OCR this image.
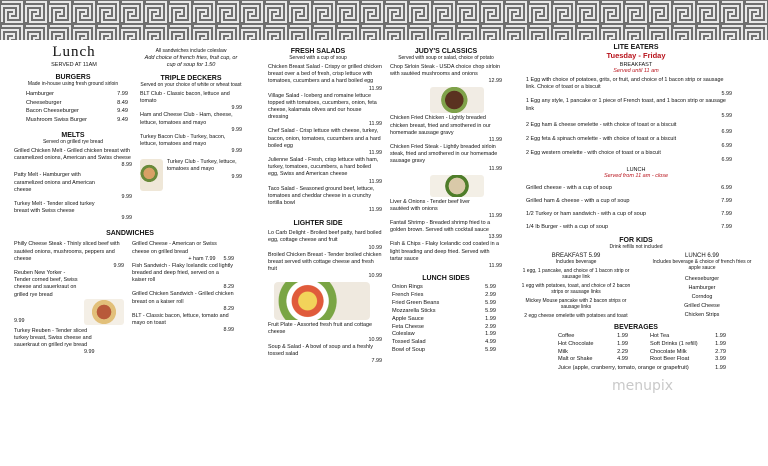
Lunch
SERVED AT 11AM
BURGERS
Made in-house using fresh ground sirloin
Hamburger	7.99
Cheeseburger	8.49
Bacon Cheeseburger	9.49
Mushroom Swiss Burger	9.49
MELTS
Served on grilled rye bread
Grilled Chicken Melt - Grilled chicken breast with caramelized onions, American and Swiss cheese
8.99
Patty Melt - Hamburger with caramelized onions and American cheese
9.99
Turkey Melt - Tender sliced turkey breast with Swiss cheese
9.99
All sandwiches include coleslaw
Add choice of french fries, fruit cup, or cup of soup for 1.50
TRIPLE DECKERS
Served on your choice of white or wheat toast
BLT Club - Classic bacon, lettuce and tomato
9.99
Ham and Cheese Club - Ham, cheese, lettuce, tomatoes and mayo
9.99
Turkey Bacon Club - Turkey, bacon, lettuce, tomatoes and mayo
9.99
Turkey Club - Turkey, lettuce, tomatoes and mayo
9.99
SANDWICHES
Philly Cheese Steak - Thinly sliced beef with sautéed onions, mushrooms, peppers and cheese
9.99
Reuben New Yorker - Tender corned beef, Swiss cheese and sauerkraut on grilled rye bread
9.99
Turkey Reuben - Tender sliced turkey breast, Swiss cheese and sauerkraut on grilled rye bread
9.99
Grilled Cheese - American or Swiss cheese on grilled bread
+ ham 7.99 5.99
Fish Sandwich - Flaky Icelandic cod lightly breaded and deep fried, served on a kaiser roll
8.29
Grilled Chicken Sandwich - Grilled chicken breast on a kaiser roll
8.29
BLT - Classic bacon, lettuce, tomato and mayo on toast
8.99
FRESH SALADS
Served with a cup of soup
Chicken Breast Salad - Crispy or grilled chicken breast over a bed of fresh, crisp lettuce with tomatoes, cucumbers and a hard boiled egg
11.99
Village Salad - Iceberg and romaine lettuce topped with tomatoes, cucumbers, onion, feta cheese, kalamata olives and our house dressing
11.99
Chef Salad - Crisp lettuce with cheese, turkey, bacon, onion, tomatoes, cucumbers and a hard boiled egg
11.99
Julienne Salad - Fresh, crisp lettuce with ham, turkey, tomatoes, cucumbers, a hard boiled egg, Swiss and American cheese
11.99
Taco Salad - Seasoned ground beef, lettuce, tomatoes and cheddar cheese in a crunchy tortilla bowl
11.99
LIGHTER SIDE
Lo Carb Delight - Broiled beef patty, hard boiled egg, cottage cheese and fruit
10.99
Broiled Chicken Breast - Tender broiled chicken breast served with cottage cheese and fresh fruit
10.99
Fruit Plate - Assorted fresh fruit and cottage cheese
10.99
Soup & Salad - A bowl of soup and a freshly tossed salad
7.99
JUDY'S CLASSICS
Served with soup or salad, choice of potato
Chop Sirloin Steak - USDA choice chop sirloin with sautéed mushrooms and onions
12.99
Chicken Fried Chicken - Lightly breaded chicken breast, fried and smothered in our homemade sausage gravy
11.99
Chicken Fried Steak - Lightly breaded sirloin steak, fried and smothered in our homemade sausage gravy
11.99
Liver & Onions - Tender beef liver sautéed with onions
11.99
Fantail Shrimp - Breaded shrimp fried to a golden brown. Served with cocktail sauce
13.99
Fish & Chips - Flaky Icelandic cod coated in a light breading and deep fried. Served with tartar sauce
11.99
LUNCH SIDES
Onion Rings	5.99
French Fries	2.99
Fried Green Beans	5.99
Mozzarella Sticks	5.99
Apple Sauce	1.99
Feta Cheese	2.99
Coleslaw	1.99
Tossed Salad	4.99
Bowl of Soup	5.99
LITE EATERS
Tuesday - Friday
BREAKFAST
Served until 11 am
1 Egg with choice of potatoes, grits, or fruit, and choice of 1 bacon strip or sausage link. Choice of toast or a biscuit
5.99
1 Egg any style, 1 pancake or 1 piece of French toast, and 1 bacon strip or sausage link
5.99
2 Egg ham & cheese omelette - with choice of toast or a biscuit
6.99
2 Egg feta & spinach omelette - with choice of toast or a biscuit
6.99
2 Egg western omelette - with choice of toast or a biscuit
6.99
LUNCH
Served from 11 am - close
Grilled cheese - with a cup of soup	6.99
Grilled ham & cheese - with a cup of soup	7.99
1/2 Turkey or ham sandwich - with a cup of soup	7.99
1/4 lb Burger - with a cup of soup	7.99
FOR KIDS
Drink refills not included
BREAKFAST 5.99
Includes beverage
1 egg, 1 pancake, and choice of 1 bacon strip or sausage link
1 egg with potatoes, toast, and choice of 2 bacon strips or sausage links
Mickey Mouse pancake with 2 bacon strips or sausage links
2 egg cheese omelette with potatoes and toast
LUNCH 6.99
Includes beverage & choice of french fries or apple sauce
Cheeseburger
Hamburger
Corndog
Grilled Cheese
Chicken Strips
BEVERAGES
Coffee	1.99
Hot Chocolate	1.99
Milk	2.29
Malt or Shake	4.99
Hot Tea	1.99
Soft Drinks (1 refill)	1.99
Chocolate Milk	2.79
Root Beer Float	3.99
Juice (apple, cranberry, tomato, orange or grapefruit)	1.99
menupix
